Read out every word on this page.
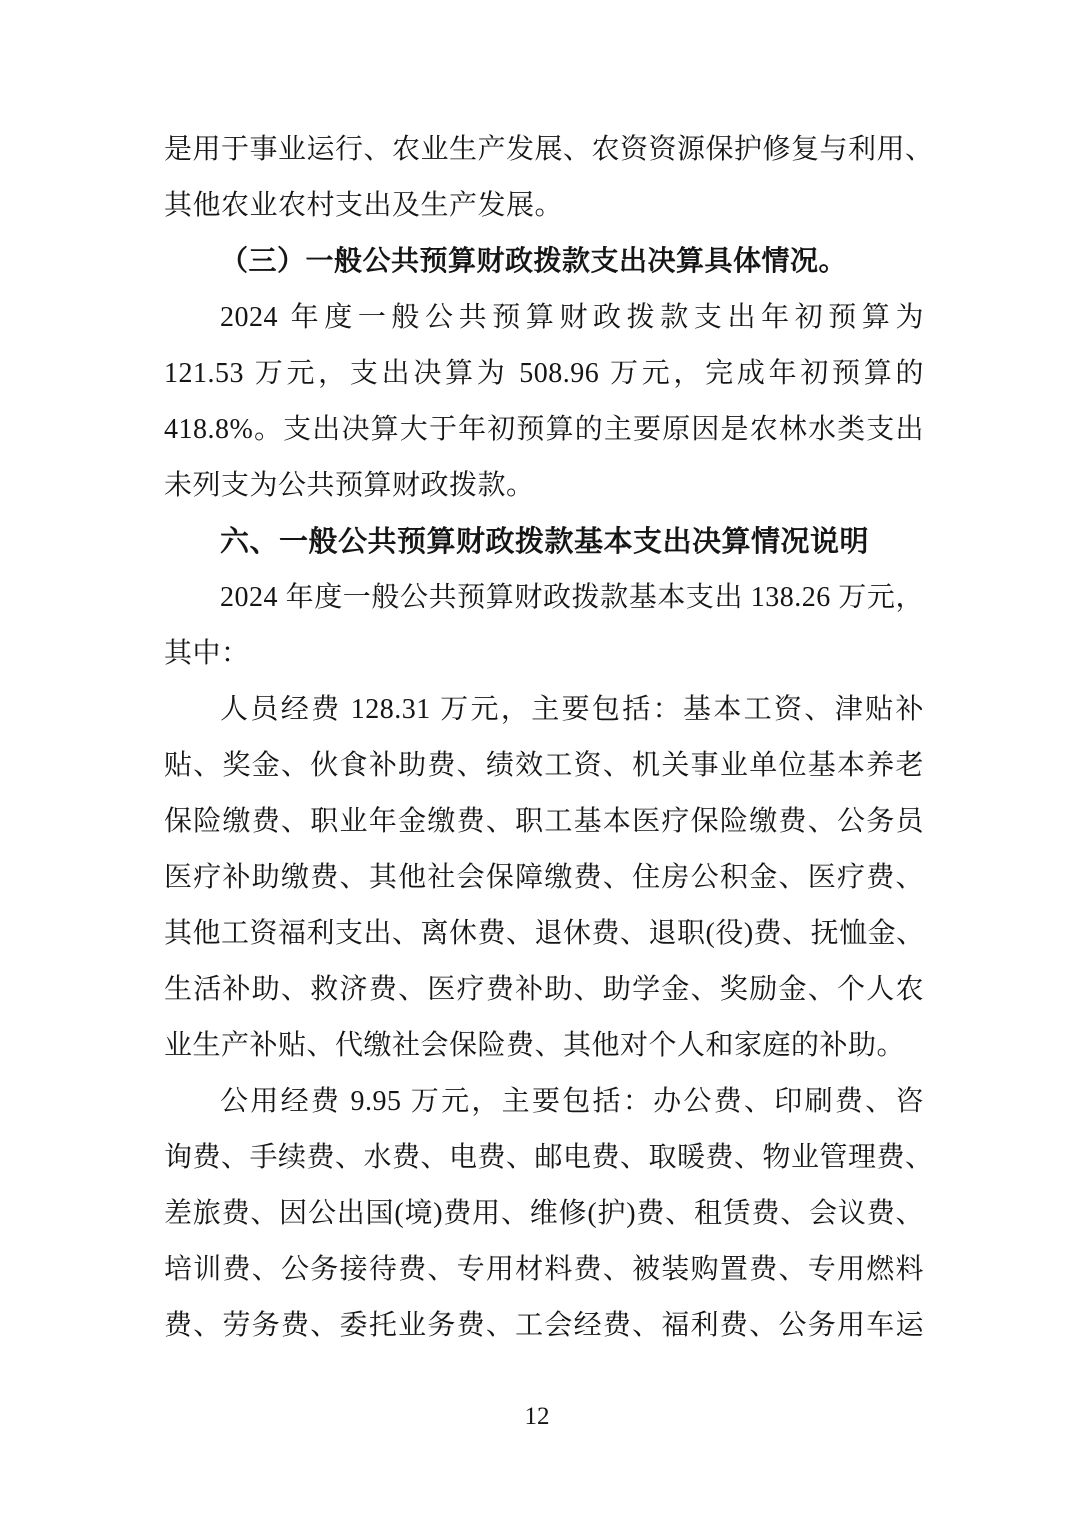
是用于事业运行、农业生产发展、农资资源保护修复与利用、
其他农业农村支出及生产发展。
（三）一般公共预算财政拨款支出决算具体情况。
2024 年度一般公共预算财政拨款支出年初预算为
121.53 万元，支出决算为 508.96 万元，完成年初预算的
418.8%。支出决算大于年初预算的主要原因是农林水类支出
未列支为公共预算财政拨款。
六、一般公共预算财政拨款基本支出决算情况说明
2024 年度一般公共预算财政拨款基本支出 138.26 万元，
其中：
人员经费 128.31 万元，主要包括：基本工资、津贴补
贴、奖金、伙食补助费、绩效工资、机关事业单位基本养老
保险缴费、职业年金缴费、职工基本医疗保险缴费、公务员
医疗补助缴费、其他社会保障缴费、住房公积金、医疗费、
其他工资福利支出、离休费、退休费、退职(役)费、抚恤金、
生活补助、救济费、医疗费补助、助学金、奖励金、个人农
业生产补贴、代缴社会保险费、其他对个人和家庭的补助。
公用经费 9.95 万元，主要包括：办公费、印刷费、咨
询费、手续费、水费、电费、邮电费、取暖费、物业管理费、
差旅费、因公出国(境)费用、维修(护)费、租赁费、会议费、
培训费、公务接待费、专用材料费、被装购置费、专用燃料
费、劳务费、委托业务费、工会经费、福利费、公务用车运
12
